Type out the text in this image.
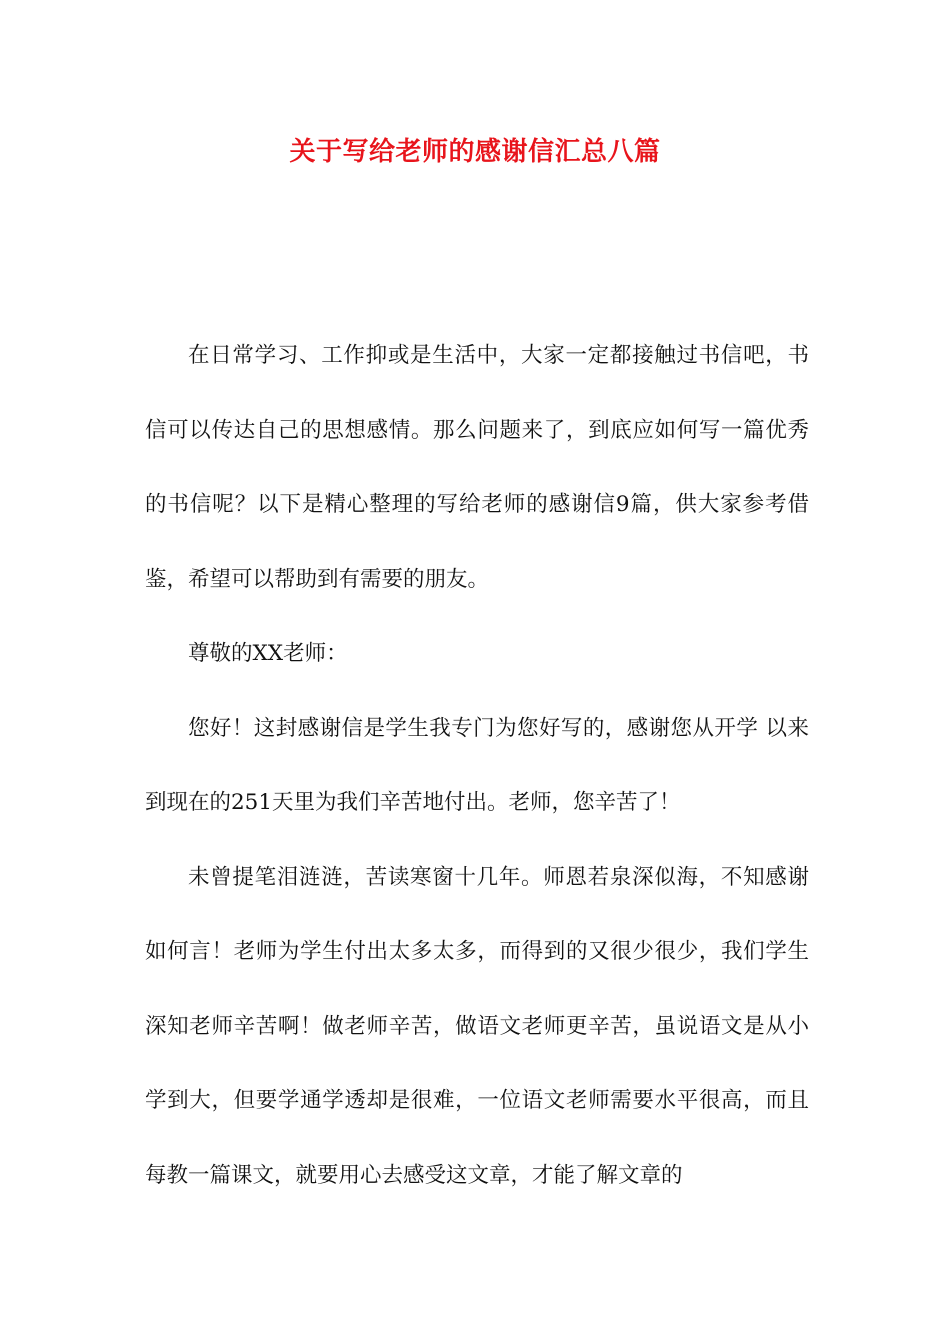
关于写给老师的感谢信汇总八篇

在日常学习、工作抑或是生活中，大家一定都接触过书信吧，书信可以传达自己的思想感情。那么问题来了，到底应如何写一篇优秀的书信呢？以下是精心整理的写给老师的感谢信9篇，供大家参考借鉴，希望可以帮助到有需要的朋友。

尊敬的XX老师：

您好！这封感谢信是学生我专门为您好写的，感谢您从开学 以来到现在的251天里为我们辛苦地付出。老师，您辛苦了！

未曾提笔泪涟涟，苦读寒窗十几年。师恩若泉深似海，不知感谢如何言！老师为学生付出太多太多，而得到的又很少很少，我们学生深知老师辛苦啊！做老师辛苦，做语文老师更辛苦，虽说语文是从小学到大，但要学通学透却是很难，一位语文老师需要水平很高，而且每教一篇课文，就要用心去感受这文章，才能了解文章的
